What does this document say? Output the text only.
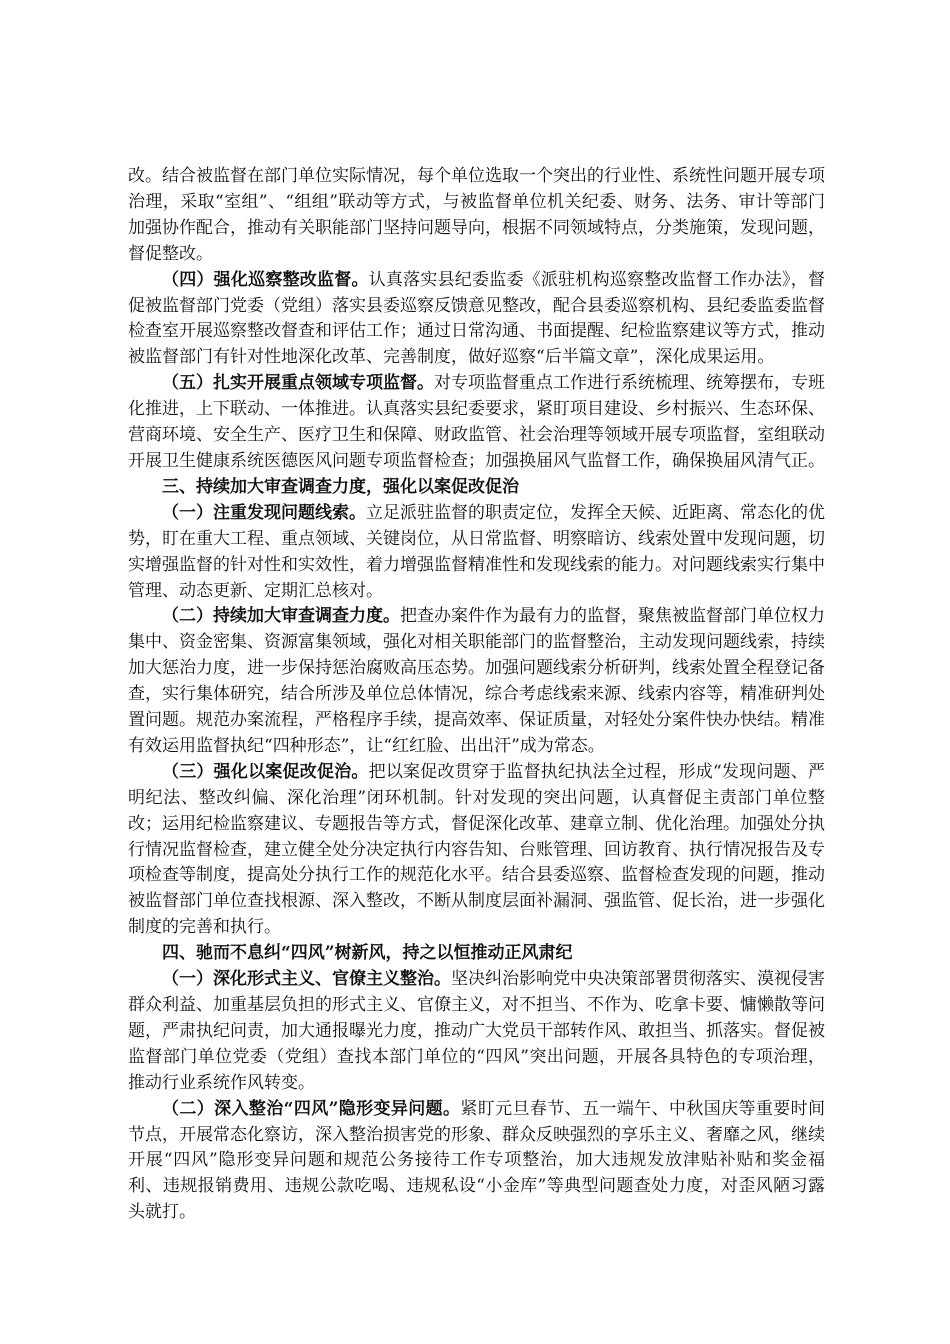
改。结合被监督在部门单位实际情况，每个单位选取一个突出的行业性、系统性问题开展专项治理，采取“室组”、“组组”联动等方式，与被监督单位机关纪委、财务、法务、审计等部门加强协作配合，推动有关职能部门坚持问题导向，根据不同领域特点，分类施策，发现问题，督促整改。

（四）强化巡察整改监督。认真落实县纪委监委《派驻机构巡察整改监督工作办法》，督促被监督部门党委（党组）落实县委巡察反馈意见整改，配合县委巡察机构、县纪委监委监督检查室开展巡察整改督查和评估工作；通过日常沟通、书面提醒、纪检监察建议等方式，推动被监督部门有针对性地深化改革、完善制度，做好巡察“后半篇文章”，深化成果运用。

（五）扎实开展重点领域专项监督。对专项监督重点工作进行系统梳理、统筹摆布，专班化推进，上下联动、一体推进。认真落实县纪委要求，紧盯项目建设、乡村振兴、生态环保、营商环境、安全生产、医疗卫生和保障、财政监管、社会治理等领域开展专项监督，室组联动开展卫生健康系统医德医风问题专项监督检查；加强换届风气监督工作，确保换届风清气正。

三、持续加大审查调查力度，强化以案促改促治

（一）注重发现问题线索。立足派驻监督的职责定位，发挥全天候、近距离、常态化的优势，盯在重大工程、重点领域、关键岗位，从日常监督、明察暗访、线索处置中发现问题，切实增强监督的针对性和实效性，着力增强监督精准性和发现线索的能力。对问题线索实行集中管理、动态更新、定期汇总核对。

（二）持续加大审查调查力度。把查办案件作为最有力的监督，聚焦被监督部门单位权力集中、资金密集、资源富集领域，强化对相关职能部门的监督整治，主动发现问题线索，持续加大惩治力度，进一步保持惩治腐败高压态势。加强问题线索分析研判，线索处置全程登记备查，实行集体研究，结合所涉及单位总体情况，综合考虑线索来源、线索内容等，精准研判处置问题。规范办案流程，严格程序手续，提高效率、保证质量，对轻处分案件快办快结。精准有效运用监督执纪“四种形态”，让“红红脸、出出汗”成为常态。

（三）强化以案促改促治。把以案促改贯穿于监督执纪执法全过程，形成“发现问题、严明纪法、整改纠偏、深化治理”闭环机制。针对发现的突出问题，认真督促主责部门单位整改；运用纪检监察建议、专题报告等方式，督促深化改革、建章立制、优化治理。加强处分执行情况监督检查，建立健全处分决定执行内容告知、台账管理、回访教育、执行情况报告及专项检查等制度，提高处分执行工作的规范化水平。结合县委巡察、监督检查发现的问题，推动被监督部门单位查找根源、深入整改，不断从制度层面补漏洞、强监管、促长治，进一步强化制度的完善和执行。

四、驰而不息纠“四风”树新风，持之以恒推动正风肃纪

（一）深化形式主义、官僚主义整治。坚决纠治影响党中央决策部署贯彻落实、漠视侵害群众利益、加重基层负担的形式主义、官僚主义，对不担当、不作为、吃拿卡要、慵懒散等问题，严肃执纪问责，加大通报曝光力度，推动广大党员干部转作风、敢担当、抓落实。督促被监督部门单位党委（党组）查找本部门单位的“四风”突出问题，开展各具特色的专项治理，推动行业系统作风转变。

（二）深入整治“四风”隐形变异问题。紧盯元旦春节、五一端午、中秋国庆等重要时间节点，开展常态化察访，深入整治损害党的形象、群众反映强烈的享乐主义、奢靡之风，继续开展“四风”隐形变异问题和规范公务接待工作专项整治，加大违规发放津贴补贴和奖金福利、违规报销费用、违规公款吃喝、违规私设“小金库”等典型问题查处力度，对歪风陋习露头就打。
